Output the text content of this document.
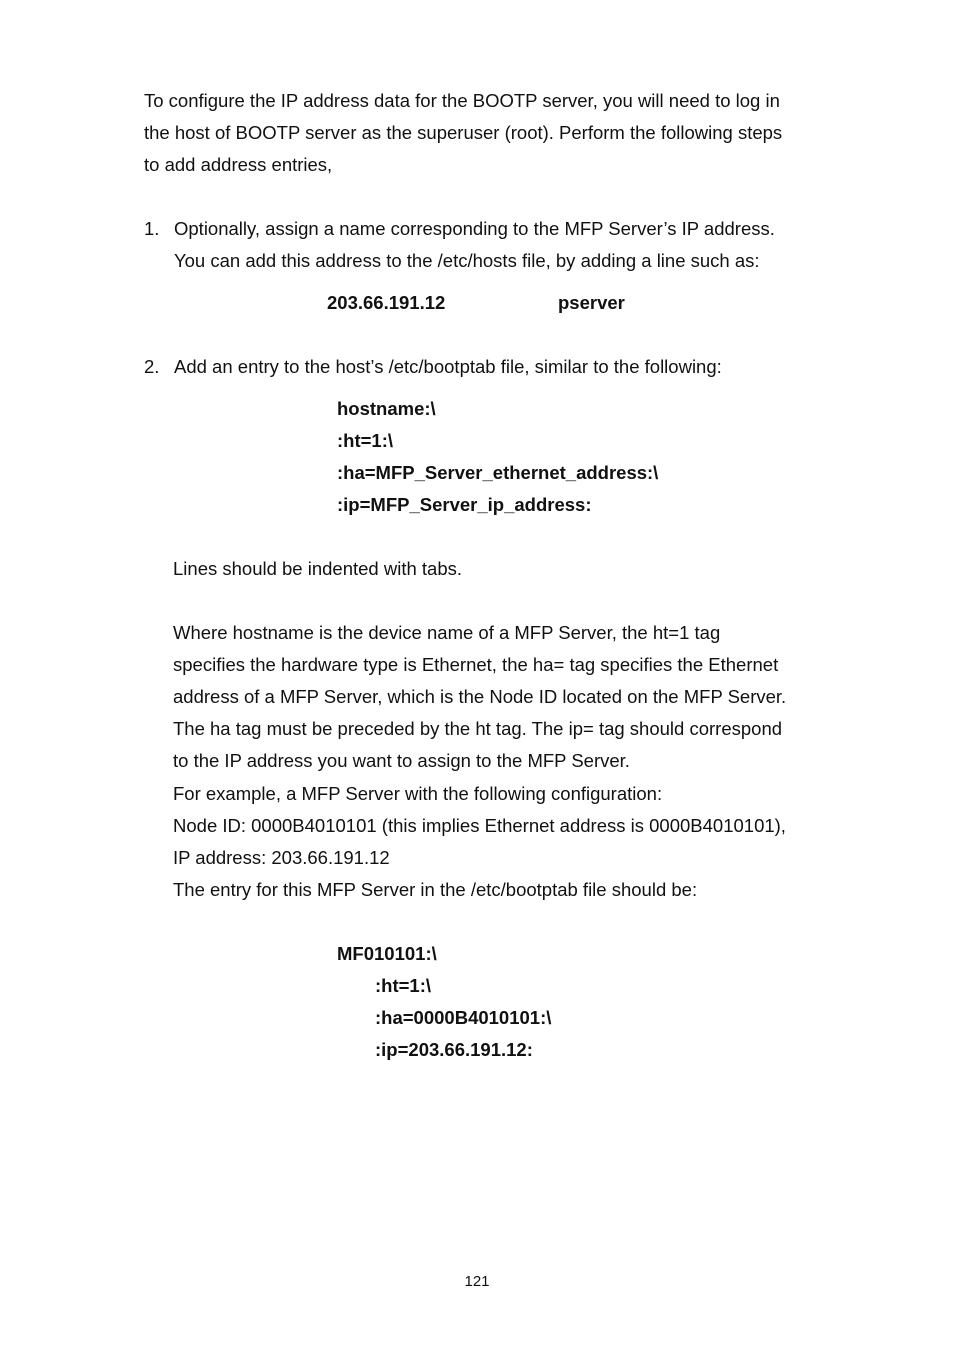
To configure the IP address data for the BOOTP server, you will need to log in
the host of BOOTP server as the superuser (root). Perform the following steps
to add address entries,
1. Optionally, assign a name corresponding to the MFP Server’s IP address.
You can add this address to the /etc/hosts file, by adding a line such as:
203.66.191.12	pserver
2. Add an entry to the host’s /etc/bootptab file, similar to the following:
hostname:\
:ht=1:\
:ha=MFP_Server_ethernet_address:\
:ip=MFP_Server_ip_address:
Lines should be indented with tabs.
Where hostname is the device name of a MFP Server, the ht=1 tag
specifies the hardware type is Ethernet, the ha= tag specifies the Ethernet
address of a MFP Server, which is the Node ID located on the MFP Server.
The ha tag must be preceded by the ht tag. The ip= tag should correspond
to the IP address you want to assign to the MFP Server.
For example, a MFP Server with the following configuration:
Node ID: 0000B4010101 (this implies Ethernet address is 0000B4010101),
IP address: 203.66.191.12
The entry for this MFP Server in the /etc/bootptab file should be:
MF010101:\
:ht=1:\
:ha=0000B4010101:\
:ip=203.66.191.12:
121
